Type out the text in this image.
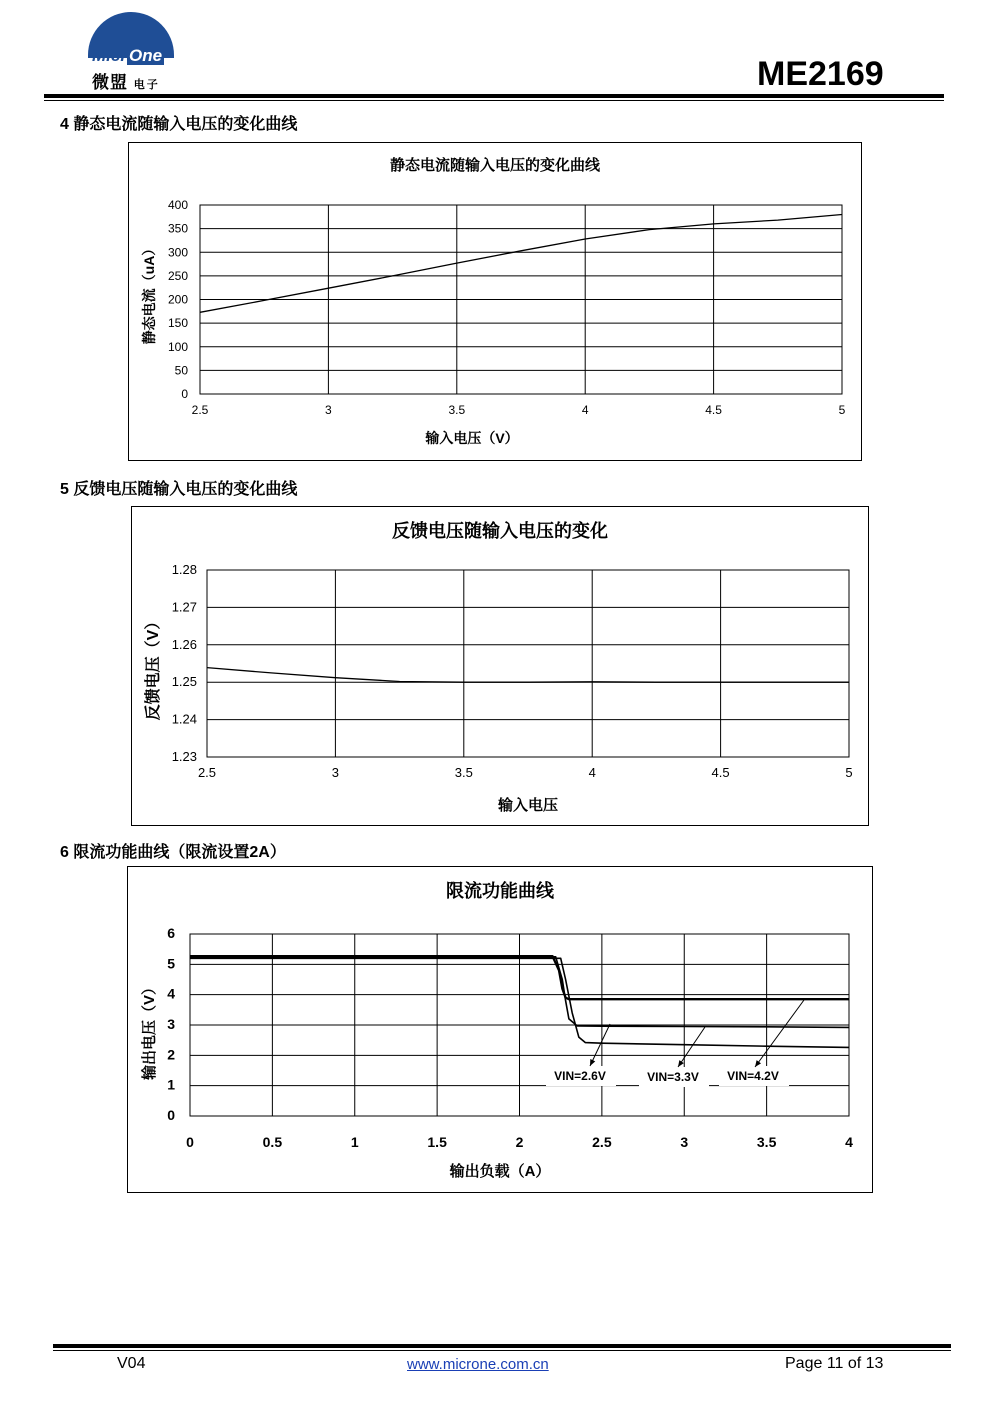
Micr One
微盟 电子	ME2169
4 静态电流随输入电压的变化曲线
静态电流随输入电压的变化曲线
输入电压（V）
静态电流（uA）
0
50
100
150
200
250
300
350
400
2.5	3	3.5	4	4.5	5
5 反馈电压随输入电压的变化曲线
反馈电压随输入电压的变化
输入电压
反馈电压（V）
1.23
1.24
1.25
1.26
1.27
1.28
2.5	3	3.5	4	4.5	5
6 限流功能曲线（限流设置2A）
限流功能曲线
输出负载（A）
输出电压（V）
0
1
2
3
4
5
6
0	0.5	1	1.5	2	2.5	3	3.5	4
VIN=2.6V	VIN=3.3V VIN=4.2V
V04	www.microne.com.cn	Page 11 of 13
